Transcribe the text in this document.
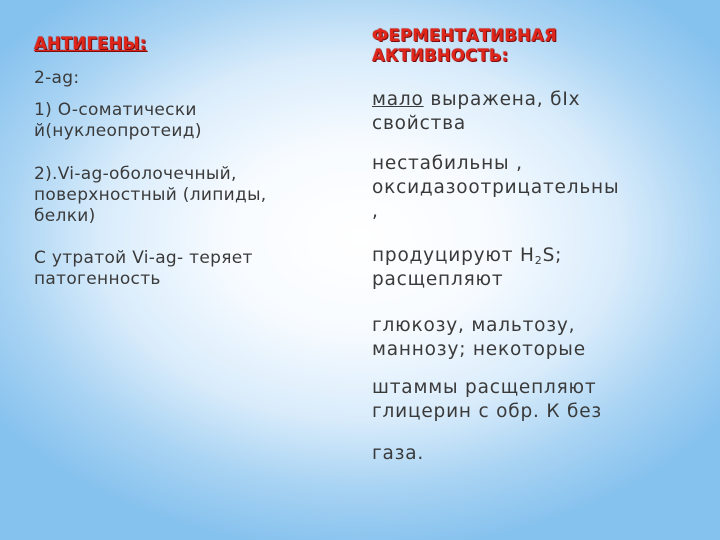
АНТИГЕНЫ:
2-ag:
1) O-соматически
й(нуклеопротеид)
2).Vi-ag-оболочечный,
поверхностный (липиды,
белки)
С утратой Vi-ag- теряет
патогенность
ФЕРМЕНТАТИВНАЯ
АКТИВНОСТЬ:
мало выражена, бIх
свойства
нестабильны ,
оксидазоотрицательны
,
продуцируют $H_2S$;
расщепляют
глюкозу, мальтозу,
маннозу; некоторые
штаммы расщепляют
глицерин с обр. К без
газа.
